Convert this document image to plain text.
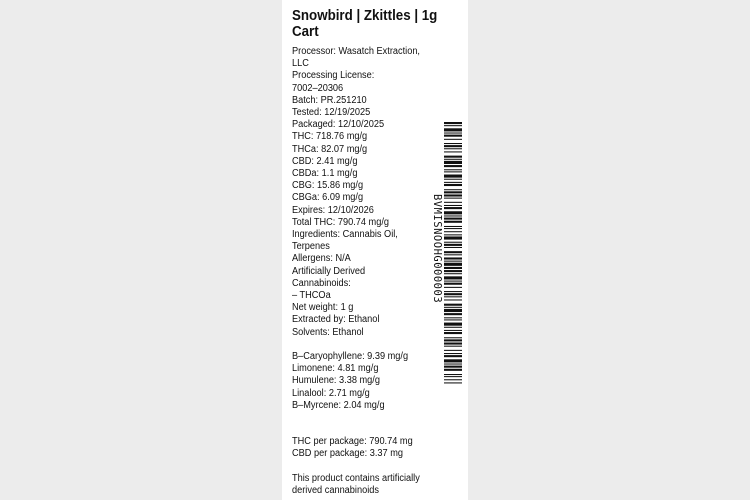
Snowbird | Zkittles | 1g
Cart
Processor: Wasatch Extraction,
LLC
Processing License:
7002–20306
Batch: PR.251210
Tested: 12/19/2025
Packaged: 12/10/2025
THC: 718.76 mg/g
THCa: 82.07 mg/g
CBD: 2.41 mg/g
CBDa: 1.1 mg/g
CBG: 15.86 mg/g
CBGa: 6.09 mg/g
Expires: 12/10/2026
Total THC: 790.74 mg/g
Ingredients: Cannabis Oil,
Terpenes
Allergens: N/A
Artificially Derived
Cannabinoids:
– THCOa
Net weight: 1 g
Extracted by: Ethanol
Solvents: Ethanol
B–Caryophyllene: 9.39 mg/g
Limonene: 4.81 mg/g
Humulene: 3.38 mg/g
Linalool: 2.71 mg/g
B–Myrcene: 2.04 mg/g
THC per package: 790.74 mg
CBD per package: 3.37 mg
This product contains artificially
derived cannabinoids
BVMISNOOHG000003
